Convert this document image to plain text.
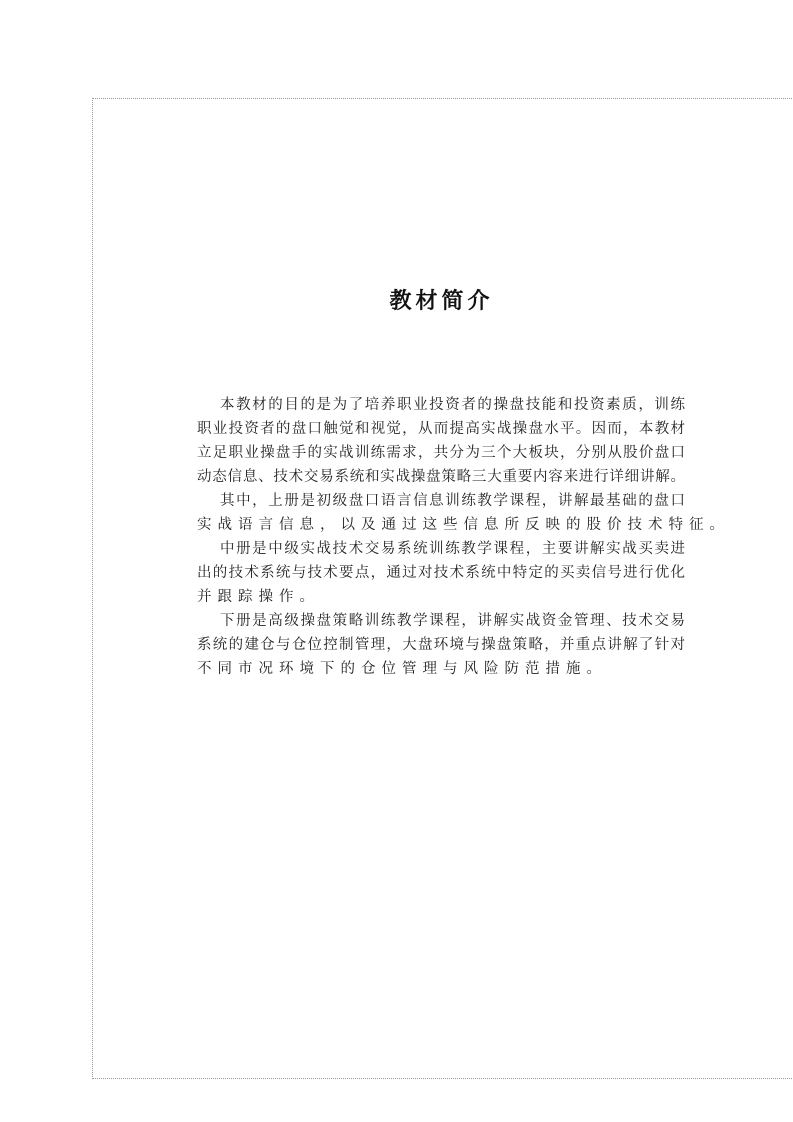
教材简介
本教材的目的是为了培养职业投资者的操盘技能和投资素质，训练
职业投资者的盘口触觉和视觉，从而提高实战操盘水平。因而，本教材
立足职业操盘手的实战训练需求，共分为三个大板块，分别从股价盘口
动态信息、技术交易系统和实战操盘策略三大重要内容来进行详细讲解。
其中，上册是初级盘口语言信息训练教学课程，讲解最基础的盘口
实战语言信息，以及通过这些信息所反映的股价技术特征。
中册是中级实战技术交易系统训练教学课程，主要讲解实战买卖进
出的技术系统与技术要点，通过对技术系统中特定的买卖信号进行优化
并跟踪操作。
下册是高级操盘策略训练教学课程，讲解实战资金管理、技术交易
系统的建仓与仓位控制管理，大盘环境与操盘策略，并重点讲解了针对
不同市况环境下的仓位管理与风险防范措施。
